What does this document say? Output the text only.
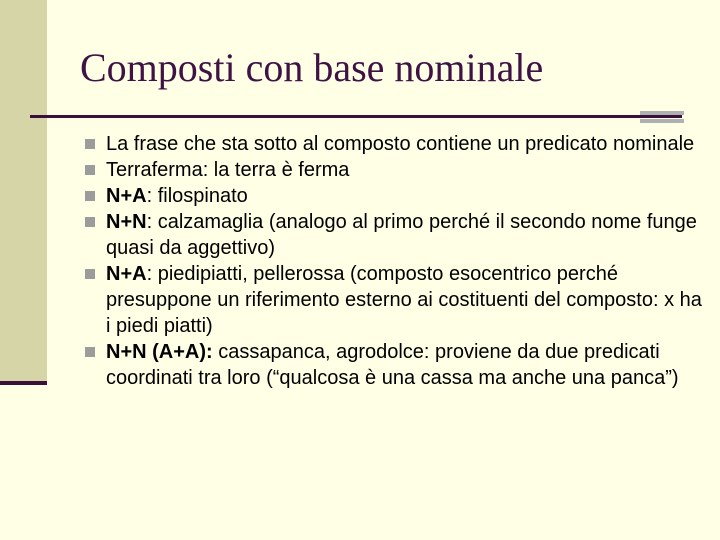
Composti con base nominale
La frase che sta sotto al composto contiene un predicato nominale
Terraferma: la terra è ferma
N+A: filospinato
N+N: calzamaglia (analogo al primo perché il secondo nome funge quasi da aggettivo)
N+A: piedipiatti, pellerossa (composto esocentrico perché presuppone un riferimento esterno ai costituenti del composto: x ha i piedi piatti)
N+N (A+A): cassapanca, agrodolce: proviene da due predicati coordinati tra loro (“qualcosa è una cassa ma anche una panca”)
